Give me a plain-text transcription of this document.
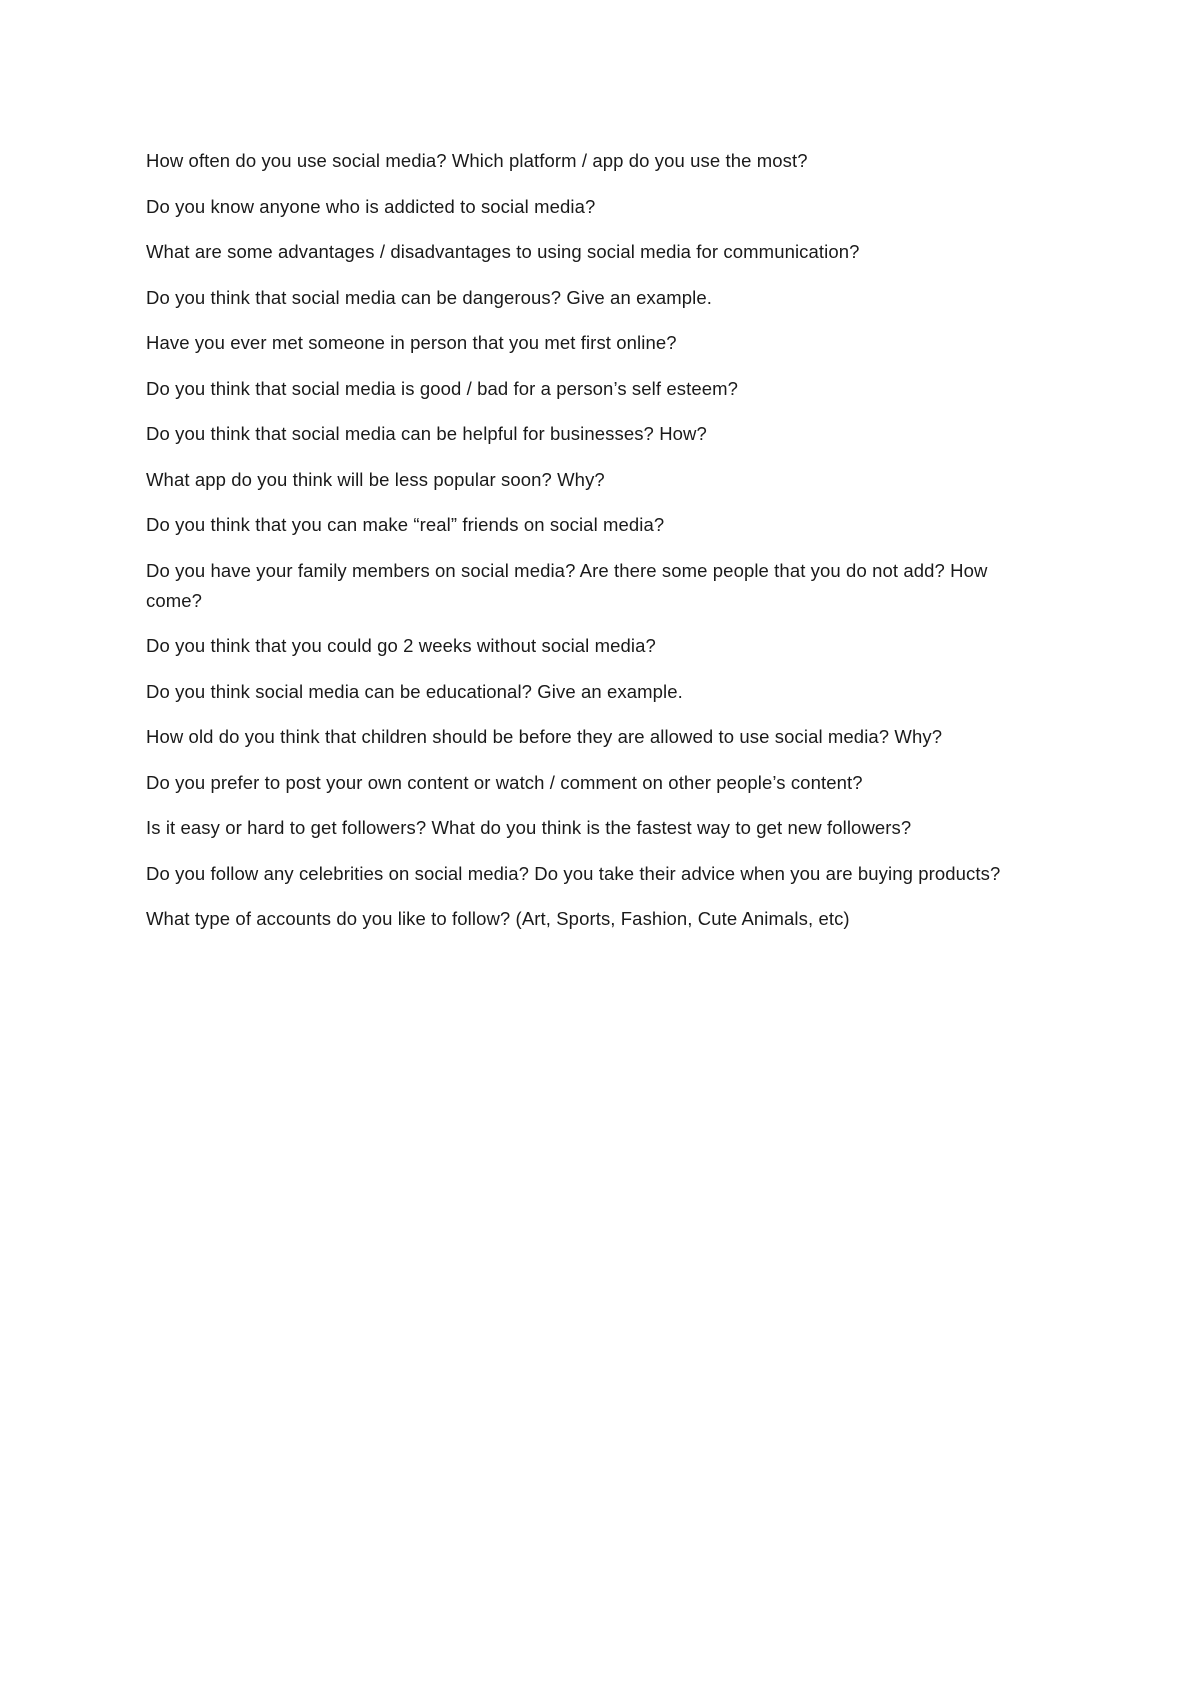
How often do you use social media? Which platform / app do you use the most?
Do you know anyone who is addicted to social media?
What are some advantages / disadvantages to using social media for communication?
Do you think that social media can be dangerous? Give an example.
Have you ever met someone in person that you met first online?
Do you think that social media is good / bad for a person’s self esteem?
Do you think that social media can be helpful for businesses? How?
What app do you think will be less popular soon? Why?
Do you think that you can make “real” friends on social media?
Do you have your family members on social media? Are there some people that you do not add? How come?
Do you think that you could go 2 weeks without social media?
Do you think social media can be educational? Give an example.
How old do you think that children should be before they are allowed to use social media? Why?
Do you prefer to post your own content or watch / comment on other people’s content?
Is it easy or hard to get followers? What do you think is the fastest way to get new followers?
Do you follow any celebrities on social media? Do you take their advice when you are buying products?
What type of accounts do you like to follow? (Art, Sports, Fashion, Cute Animals, etc)
